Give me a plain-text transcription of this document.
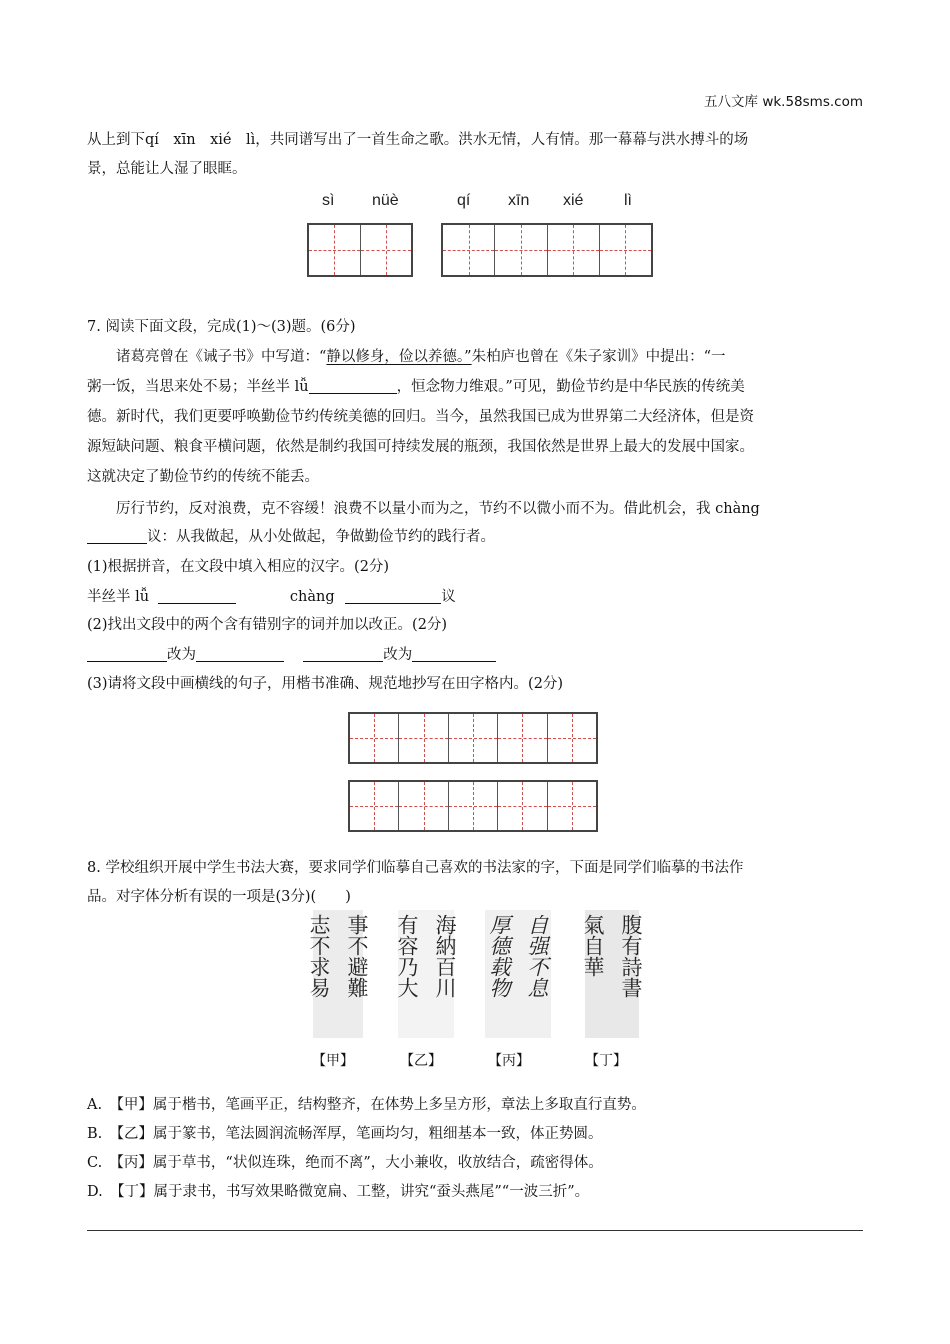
五八文库 wk.58sms.com
从上到下qí　xīn　xié　lì，共同谱写出了一首生命之歌。洪水无情，人有情。那一幕幕与洪水搏斗的场
景，总能让人湿了眼眶。
sì nüè	qí xīn xié	lì
7. 阅读下面文段，完成(1)～(3)题。(6分)
诸葛亮曾在《诫子书》中写道：“静以修身，俭以养德。”朱柏庐也曾在《朱子家训》中提出：“一
粥一饭，当思来处不易；半丝半 lǚ	，恒念物力维艰。”可见，勤俭节约是中华民族的传统美
德。新时代，我们更要呼唤勤俭节约传统美德的回归。当今，虽然我国已成为世界第二大经济体，但是资
源短缺问题、粮食平横问题，依然是制约我国可持续发展的瓶颈，我国依然是世界上最大的发展中国家。
这就决定了勤俭节约的传统不能丢。
厉行节约，反对浪费，克不容缓！浪费不以量小而为之，节约不以微小而不为。借此机会，我 chàng
议：从我做起，从小处做起，争做勤俭节约的践行者。
(1)根据拼音，在文段中填入相应的汉字。(2分)
半丝半 lǚ	chàng	议
(2)找出文段中的两个含有错别字的词并加以改正。(2分)
改为	改为
(3)请将文段中画横线的句子，用楷书准确、规范地抄写在田字格内。(2分)
8. 学校组织开展中学生书法大赛，要求同学们临摹自己喜欢的书法家的字，下面是同学们临摹的书法作
品。对字体分析有误的一项是(3分)(　　)
事不避難
志不求易	海納百川
有容乃大	自强不息
厚德载物	腹有詩書
氣自華
【甲】	【乙】	【丙】	【丁】
A.　【甲】属于楷书，笔画平正，结构整齐，在体势上多呈方形，章法上多取直行直势。
B.　【乙】属于篆书，笔法圆润流畅浑厚，笔画均匀，粗细基本一致，体正势圆。
C.　【丙】属于草书，“状似连珠，绝而不离”，大小兼收，收放结合，疏密得体。
D.　【丁】属于隶书，书写效果略微宽扁、工整，讲究“蚕头燕尾”“一波三折”。
